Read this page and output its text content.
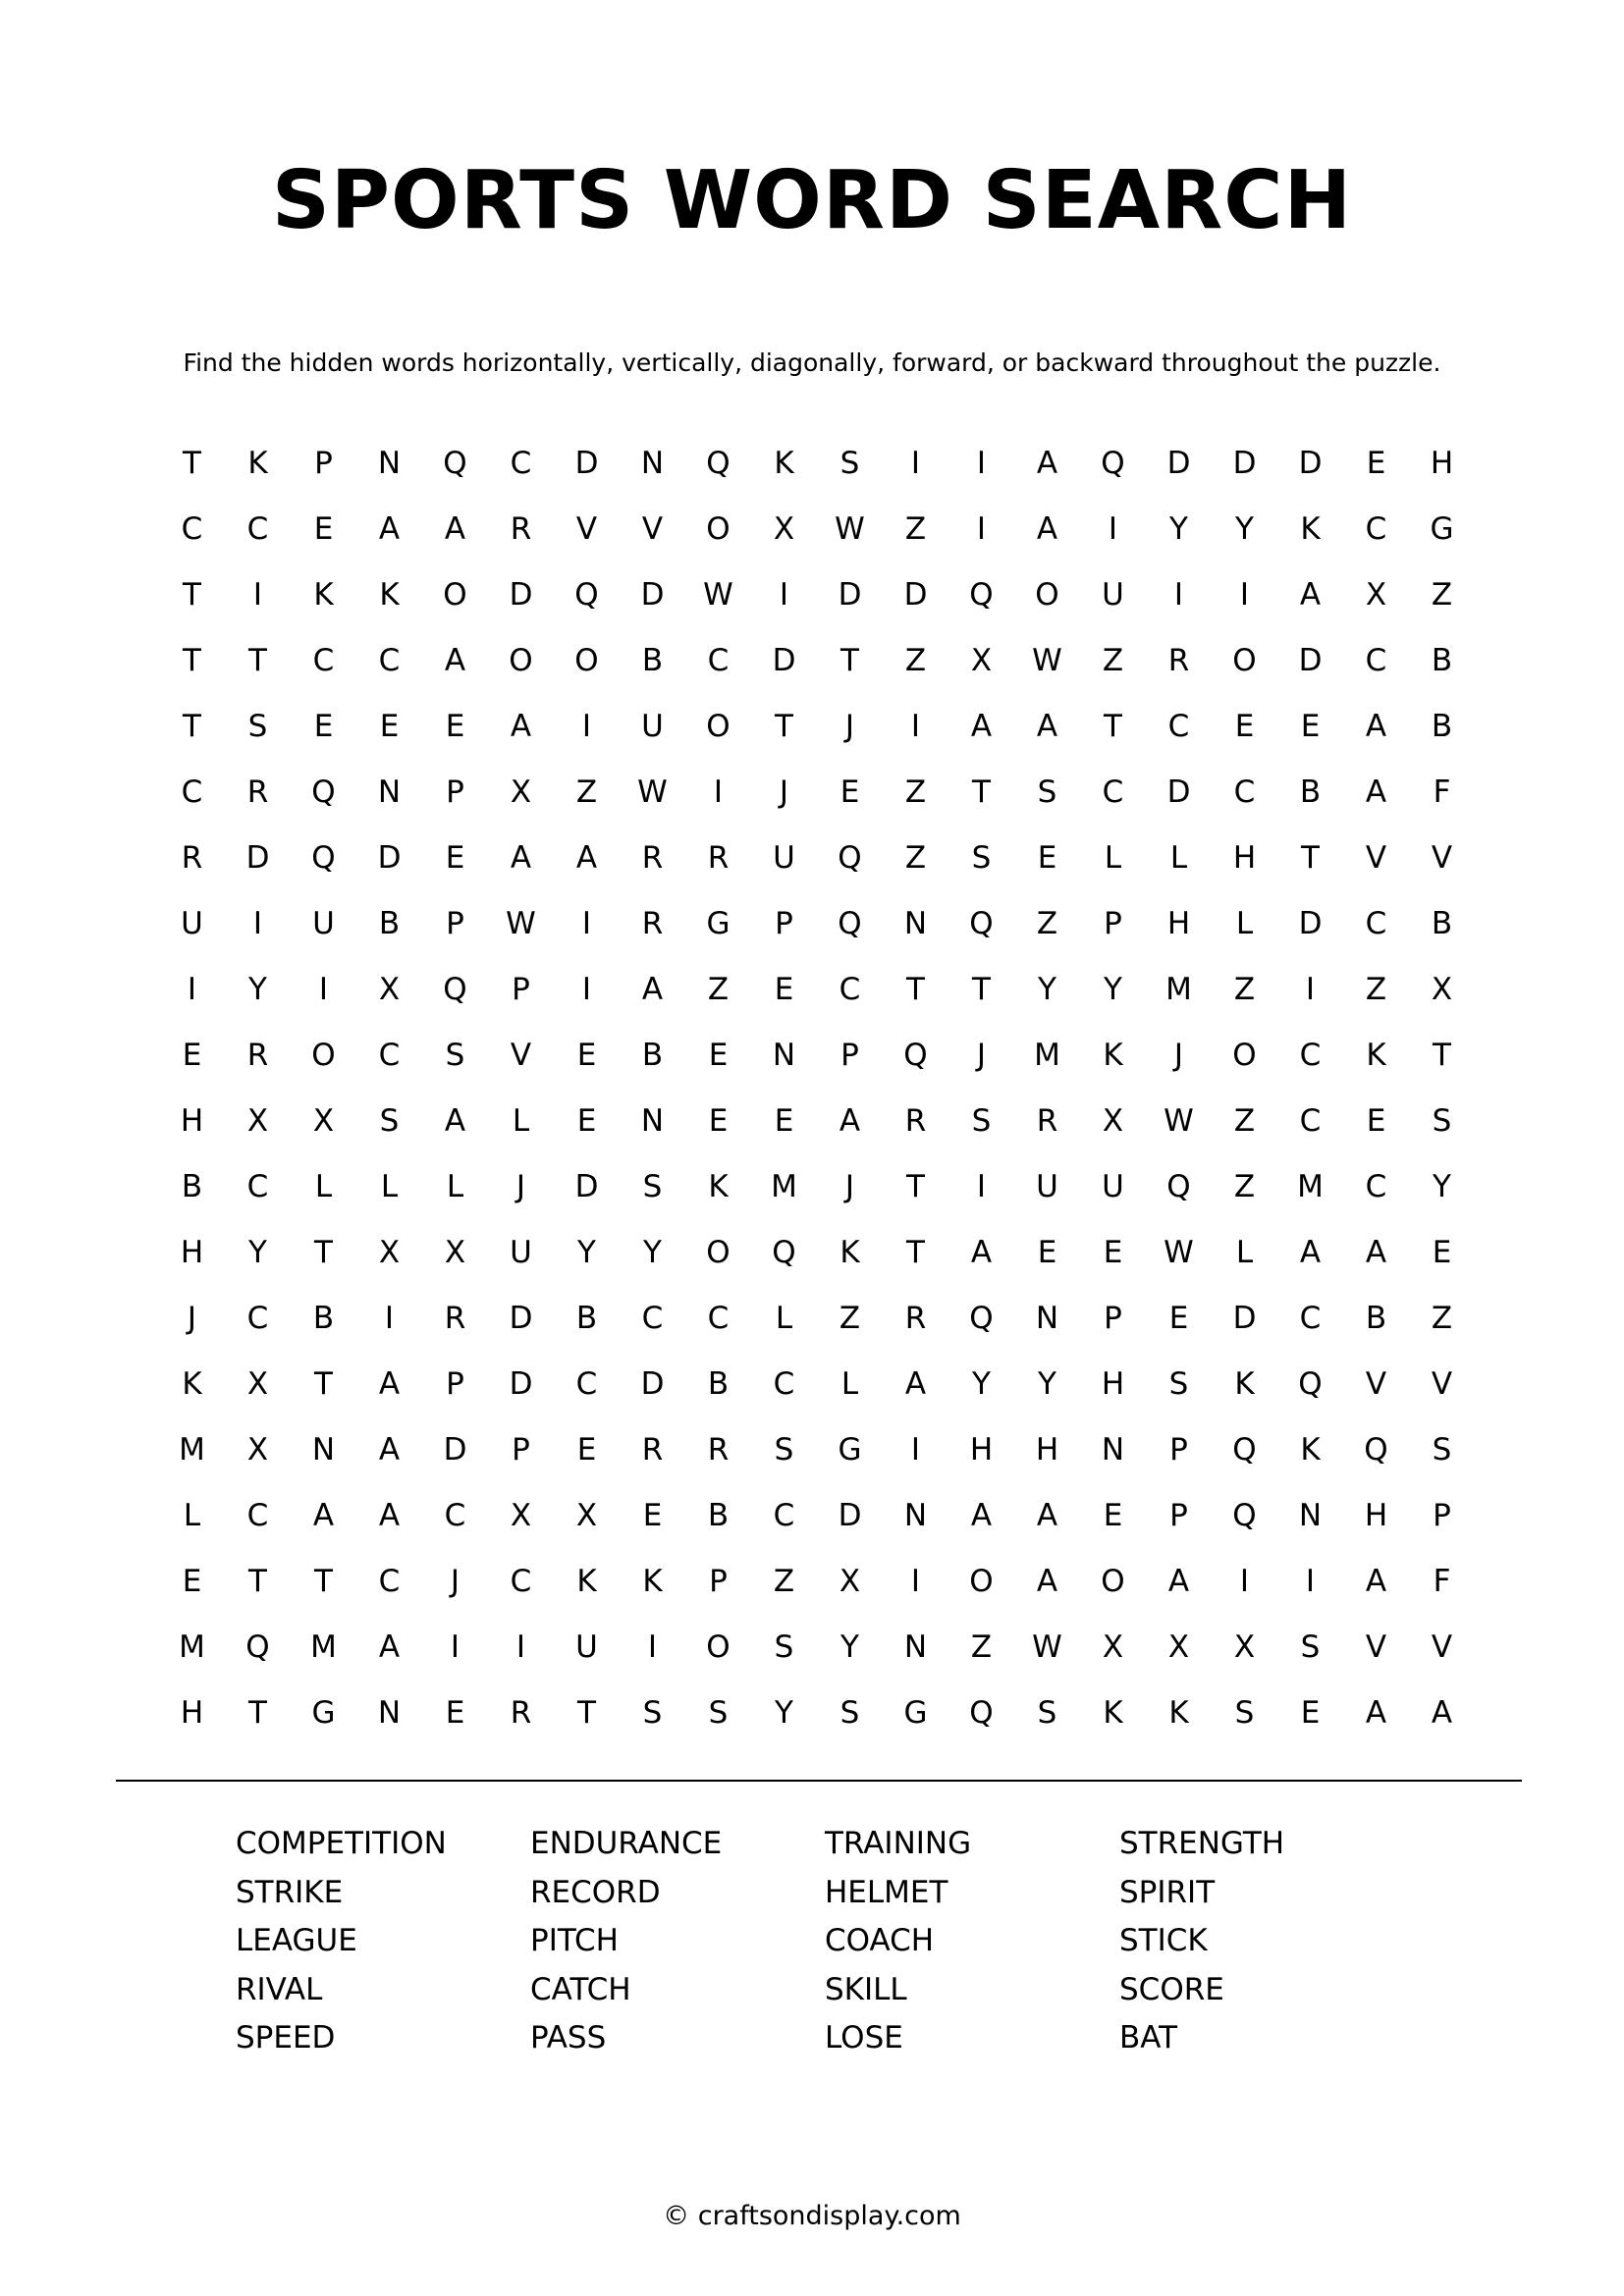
SPORTS WORD SEARCH
Find the hidden words horizontally, vertically, diagonally, forward, or backward throughout the puzzle.
T	K	P	N	Q	C	D	N	Q	K	S	I	I	A	Q	D	D	D	E	H
C	C	E	A	A	R	V	V	O	X	W	Z	I	A	I	Y	Y	K	C	G
T	I	K	K	O	D	Q	D	W	I	D	D	Q	O	U	I	I	A	X	Z
T	T	C	C	A	O	O	B	C	D	T	Z	X	W	Z	R	O	D	C	B
T	S	E	E	E	A	I	U	O	T	J	I	A	A	T	C	E	E	A	B
C	R	Q	N	P	X	Z	W	I	J	E	Z	T	S	C	D	C	B	A	F
R	D	Q	D	E	A	A	R	R	U	Q	Z	S	E	L	L	H	T	V	V
U	I	U	B	P	W	I	R	G	P	Q	N	Q	Z	P	H	L	D	C	B
I	Y	I	X	Q	P	I	A	Z	E	C	T	T	Y	Y	M	Z	I	Z	X
E	R	O	C	S	V	E	B	E	N	P	Q	J	M	K	J	O	C	K	T
H	X	X	S	A	L	E	N	E	E	A	R	S	R	X	W	Z	C	E	S
B	C	L	L	L	J	D	S	K	M	J	T	I	U	U	Q	Z	M	C	Y
H	Y	T	X	X	U	Y	Y	O	Q	K	T	A	E	E	W	L	A	A	E
J	C	B	I	R	D	B	C	C	L	Z	R	Q	N	P	E	D	C	B	Z
K	X	T	A	P	D	C	D	B	C	L	A	Y	Y	H	S	K	Q	V	V
M	X	N	A	D	P	E	R	R	S	G	I	H	H	N	P	Q	K	Q	S
L	C	A	A	C	X	X	E	B	C	D	N	A	A	E	P	Q	N	H	P
E	T	T	C	J	C	K	K	P	Z	X	I	O	A	O	A	I	I	A	F
M	Q	M	A	I	I	U	I	O	S	Y	N	Z	W	X	X	X	S	V	V
H	T	G	N	E	R	T	S	S	Y	S	G	Q	S	K	K	S	E	A	A
COMPETITION	ENDURANCE	TRAINING	STRENGTH
STRIKE	RECORD	HELMET	SPIRIT
LEAGUE	PITCH	COACH	STICK
RIVAL	CATCH	SKILL	SCORE
SPEED	PASS	LOSE	BAT
© craftsondisplay.com
